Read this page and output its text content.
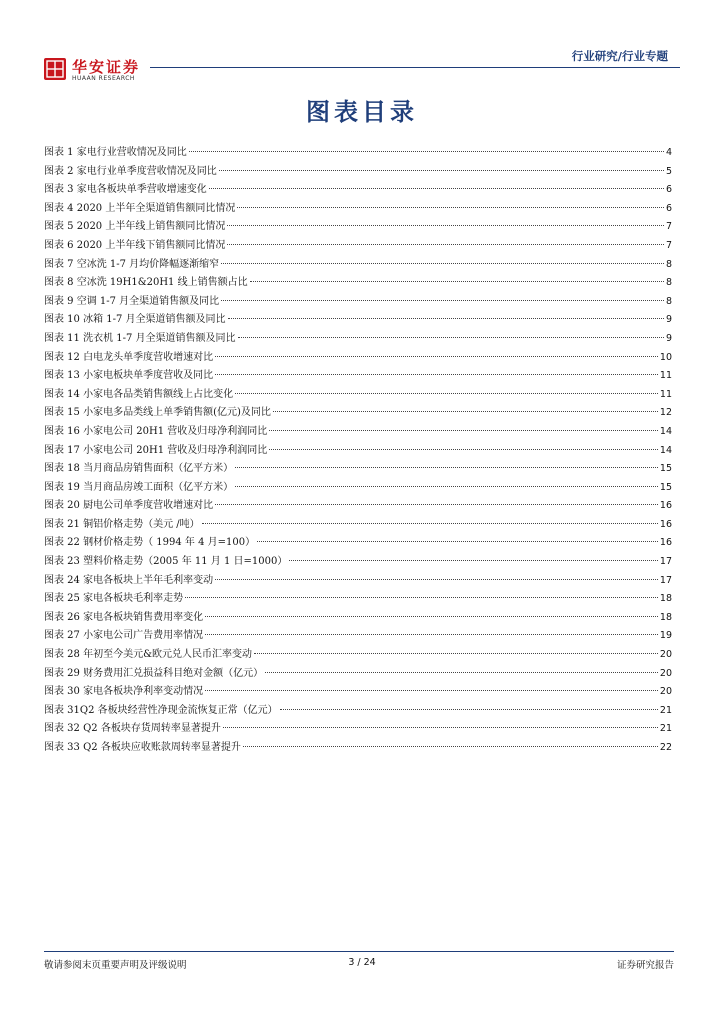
华安证券
HUAAN RESEARCH
行业研究/行业专题
图表目录
图表 1 家电行业营收情况及同比	4
图表 2 家电行业单季度营收情况及同比	5
图表 3 家电各板块单季营收增速变化	6
图表 4 2020 上半年全渠道销售额同比情况	6
图表 5 2020 上半年线上销售额同比情况	7
图表 6 2020 上半年线下销售额同比情况	7
图表 7 空冰洗 1-7 月均价降幅逐渐缩窄	8
图表 8 空冰洗 19H1&20H1 线上销售额占比	8
图表 9 空调 1-7 月全渠道销售额及同比	8
图表 10 冰箱 1-7 月全渠道销售额及同比	9
图表 11 洗衣机 1-7 月全渠道销售额及同比	9
图表 12 白电龙头单季度营收增速对比	10
图表 13 小家电板块单季度营收及同比	11
图表 14 小家电各品类销售额线上占比变化	11
图表 15 小家电多品类线上单季销售额(亿元)及同比	12
图表 16 小家电公司 20H1 营收及归母净利润同比	14
图表 17 小家电公司 20H1 营收及归母净利润同比	14
图表 18 当月商品房销售面积（亿平方米）	15
图表 19 当月商品房竣工面积（亿平方米）	15
图表 20 厨电公司单季度营收增速对比	16
图表 21 铜铝价格走势（美元 /吨）	16
图表 22 钢材价格走势（ 1994 年 4 月=100）	16
图表 23 塑料价格走势（2005 年 11 月 1 日=1000）	17
图表 24 家电各板块上半年毛利率变动	17
图表 25 家电各板块毛利率走势	18
图表 26 家电各板块销售费用率变化	18
图表 27 小家电公司广告费用率情况	19
图表 28 年初至今美元&欧元兑人民币汇率变动	20
图表 29 财务费用汇兑损益科目绝对金额（亿元）	20
图表 30 家电各板块净利率变动情况	20
图表 31Q2 各板块经营性净现金流恢复正常（亿元）	21
图表 32 Q2 各板块存货周转率显著提升	21
图表 33 Q2 各板块应收账款周转率显著提升	22
敬请参阅末页重要声明及评级说明	3 / 24	证券研究报告
